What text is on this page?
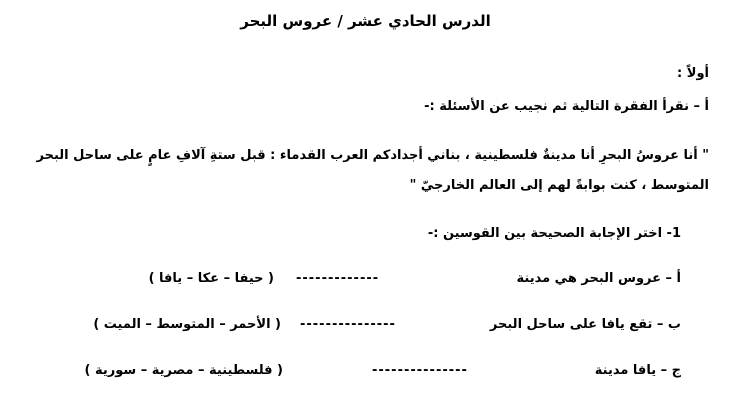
الدرس الحادي عشر / عروس البحر
أولاً :
أ – نقرأ الفقرة التالية ثم نجيب عن الأسئلة :-
" أنا عروسُ البحرِ أنا مدينةٌ فلسطينية ، بناني أجدادكم العرب القدماء : قبل ستةِ آلافِ عامٍ على ساحل البحر
المتوسط ، كنت بوابةً لهم إلى العالم الخارجيّ "
1- اختر الإجابة الصحيحة بين القوسين :-
أ – عروس البحر هي مدينة
-------------
( حيفا – عكا – يافا )
ب – تقع يافا على ساحل البحر
---------------
( الأحمر – المتوسط – الميت )
ج – يافا مدينة
---------------
( فلسطينية – مصرية – سورية )
